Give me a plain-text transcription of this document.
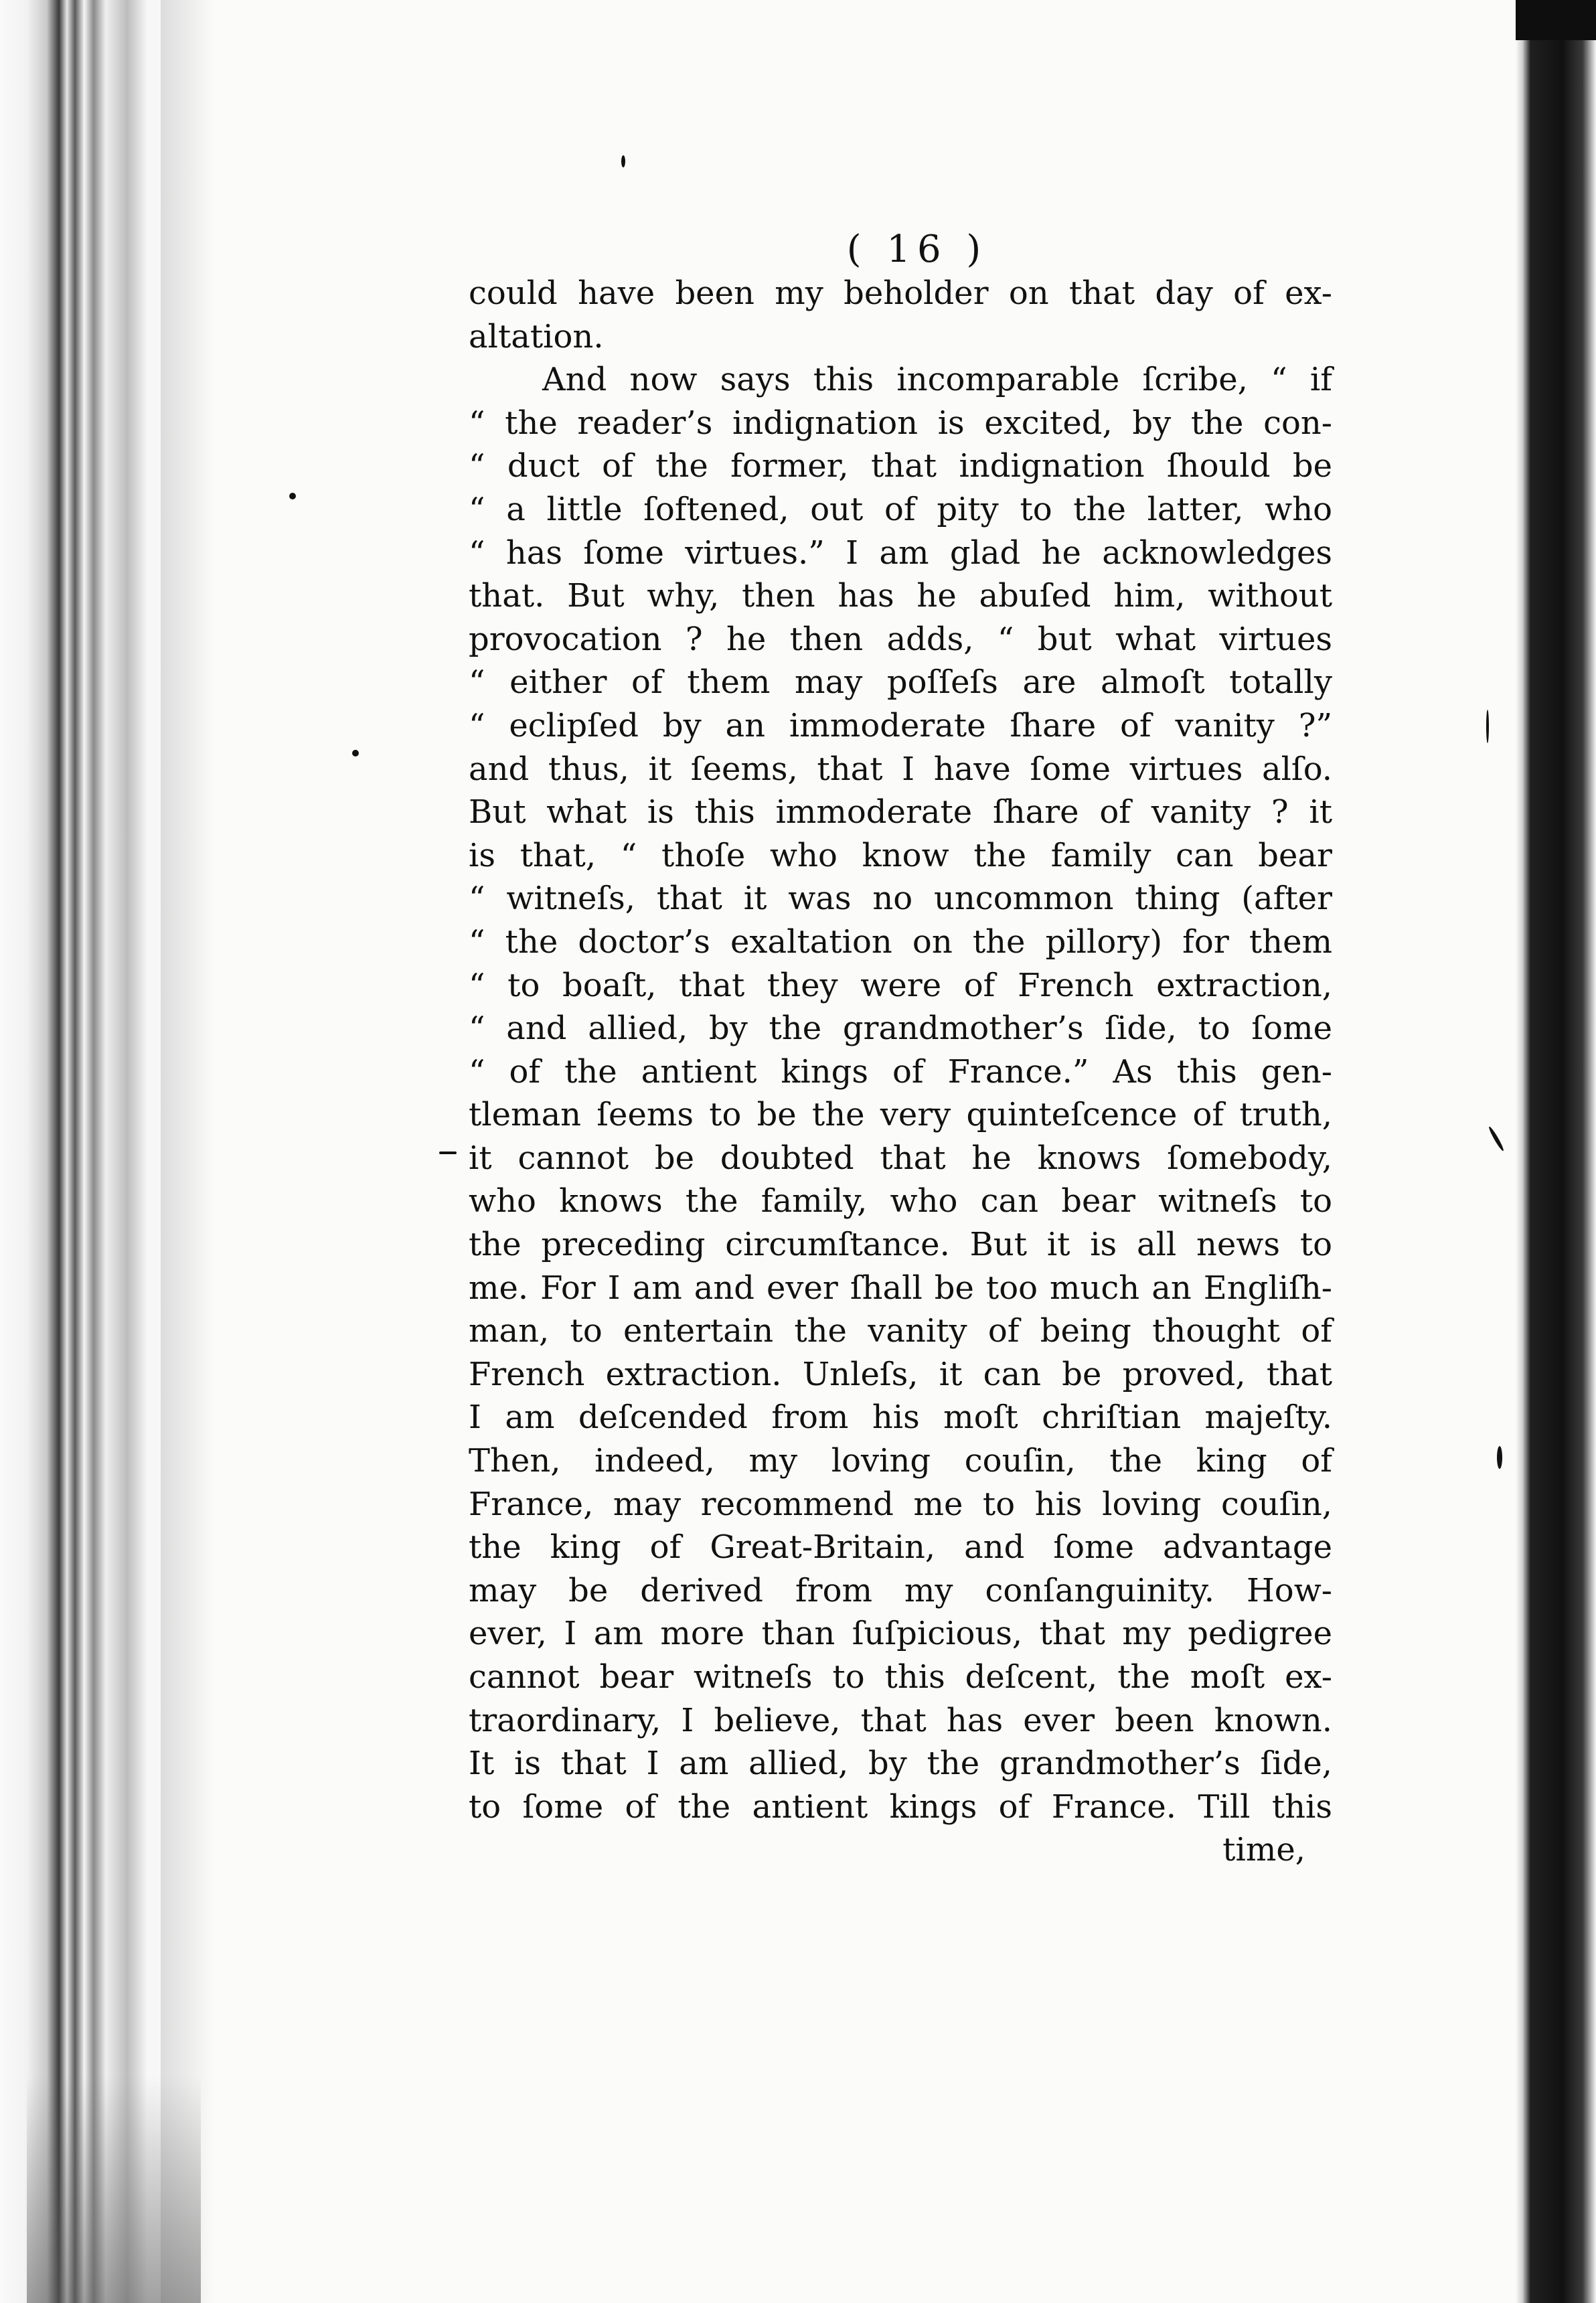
( 16 )
could have been my beholder on that day of ex-
altation.
And now says this incomparable ſcribe, “ if
“ the reader’s indignation is excited, by the con-
“ duct of the former, that indignation ſhould be
“ a little ſoftened, out of pity to the latter, who
“ has ſome virtues.” I am glad he acknowledges
that. But why, then has he abuſed him, without
provocation ? he then adds, “ but what virtues
“ either of them may poſſeſs are almoſt totally
“ eclipſed by an immoderate ſhare of vanity ?”
and thus, it ſeems, that I have ſome virtues alſo.
But what is this immoderate ſhare of vanity ? it
is that, “ thoſe who know the family can bear
“ witneſs, that it was no uncommon thing (after
“ the doctor’s exaltation on the pillory) for them
“ to boaſt, that they were of French extraction,
“ and allied, by the grandmother’s ſide, to ſome
“ of the antient kings of France.” As this gen-
tleman ſeems to be the very quinteſcence of truth,
it cannot be doubted that he knows ſomebody,
who knows the family, who can bear witneſs to
the preceding circumſtance. But it is all news to
me. For I am and ever ſhall be too much an Engliſh-
man, to entertain the vanity of being thought of
French extraction. Unleſs, it can be proved, that
I am deſcended from his moſt chriſtian majeſty.
Then, indeed, my loving couſin, the king of
France, may recommend me to his loving couſin,
the king of Great-Britain, and ſome advantage
may be derived from my conſanguinity. How-
ever, I am more than ſuſpicious, that my pedigree
cannot bear witneſs to this deſcent, the moſt ex-
traordinary, I believe, that has ever been known.
It is that I am allied, by the grandmother’s ſide,
to ſome of the antient kings of France. Till this
time,
